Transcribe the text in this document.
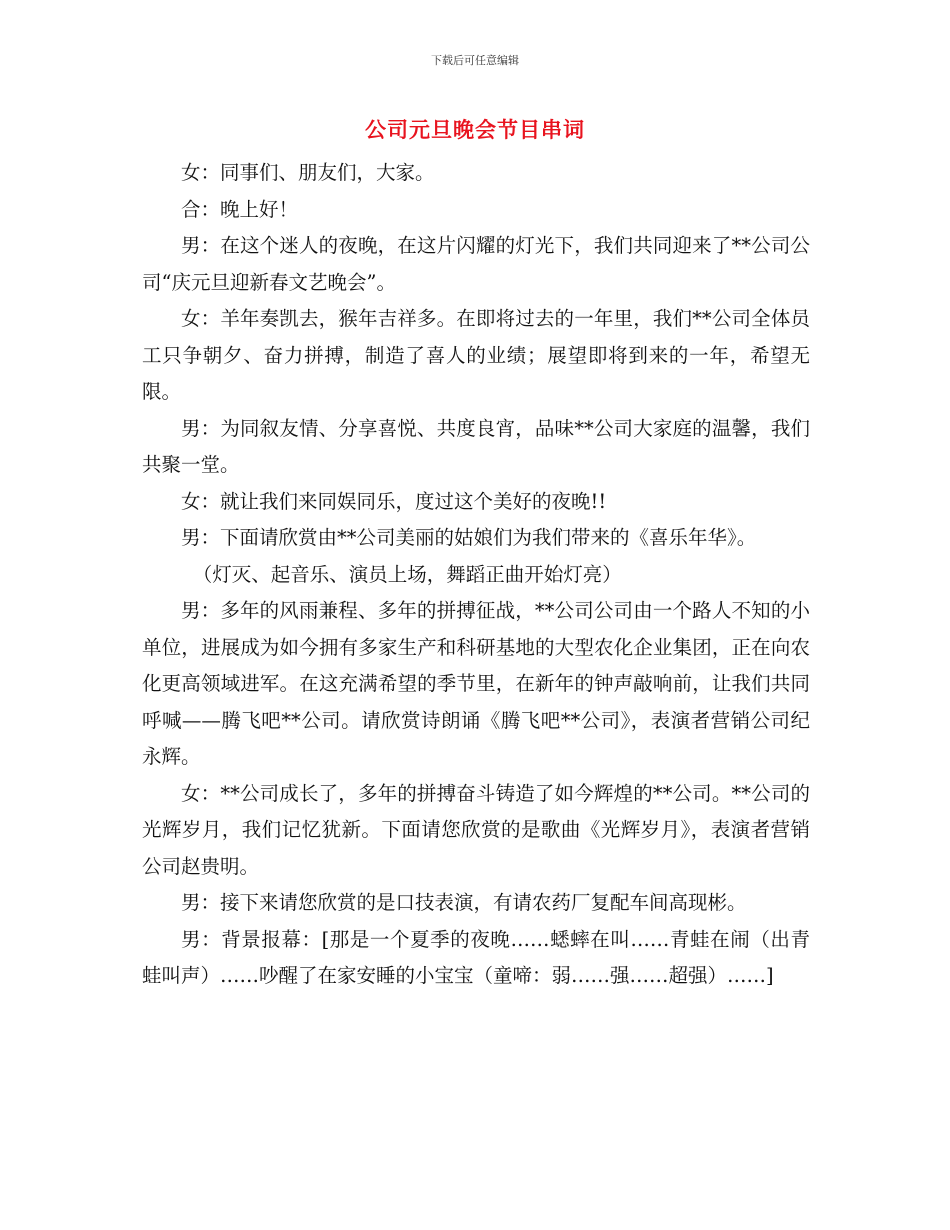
下载后可任意编辑
公司元旦晚会节目串词

女：同事们、朋友们，大家。

合：晚上好！

男：在这个迷人的夜晚，在这片闪耀的灯光下，我们共同迎来了**公司公司“庆元旦迎新春文艺晚会”。

女：羊年奏凯去，猴年吉祥多。在即将过去的一年里，我们**公司全体员工只争朝夕、奋力拼搏，制造了喜人的业绩；展望即将到来的一年，希望无限。

男：为同叙友情、分享喜悦、共度良宵，品味**公司大家庭的温馨，我们共聚一堂。

女：就让我们来同娱同乐，度过这个美好的夜晚!!

男：下面请欣赏由**公司美丽的姑娘们为我们带来的《喜乐年华》。

（灯灭、起音乐、演员上场，舞蹈正曲开始灯亮）

男：多年的风雨兼程、多年的拼搏征战，**公司公司由一个路人不知的小单位，进展成为如今拥有多家生产和科研基地的大型农化企业集团，正在向农化更高领域进军。在这充满希望的季节里，在新年的钟声敲响前，让我们共同呼喊——腾飞吧**公司。请欣赏诗朗诵《腾飞吧**公司》，表演者营销公司纪永辉。

女：**公司成长了，多年的拼搏奋斗铸造了如今辉煌的**公司。**公司的光辉岁月，我们记忆犹新。下面请您欣赏的是歌曲《光辉岁月》，表演者营销公司赵贵明。

男：接下来请您欣赏的是口技表演，有请农药厂复配车间高现彬。

男：背景报幕：[那是一个夏季的夜晚……蟋蟀在叫……青蛙在闹（出青蛙叫声）……吵醒了在家安睡的小宝宝（童啼：弱……强……超强）……]
